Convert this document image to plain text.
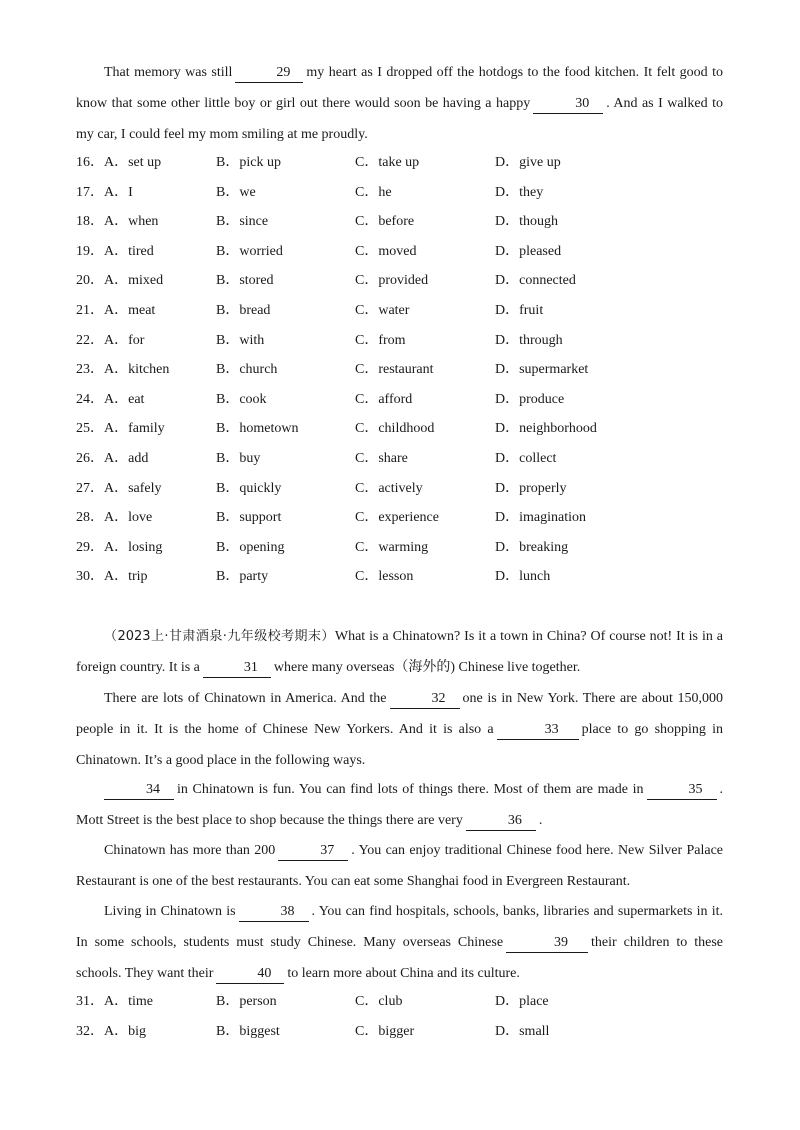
That memory was still	29 my heart as I dropped off the hotdogs to the food kitchen. It felt good to know that some other little boy or girl out there would soon be having a happy	30 . And as I walked to my car, I could feel my mom smiling at me proudly.

16． A．set up	B．pick up	C．take up	D．give up
17． A．I	B．we	C．he	D．they
18． A．when	B．since	C．before	D．though
19． A．tired	B．worried	C．moved	D．pleased
20． A．mixed	B．stored	C．provided	D．connected
21． A．meat	B．bread	C．water	D．fruit
22． A．for	B．with	C．from	D．through
23． A．kitchen	B．church	C．restaurant	D．supermarket
24． A．eat	B．cook	C．afford	D．produce
25． A．family	B．hometown	C．childhood	D．neighborhood
26． A．add	B．buy	C．share	D．collect
27． A．safely	B．quickly	C．actively	D．properly
28． A．love	B．support	C．experience	D．imagination
29． A．losing	B．opening	C．warming	D．breaking
30． A．trip	B．party	C．lesson	D．lunch

（2023上·甘肃酒泉·九年级校考期末）What is a Chinatown? Is it a town in China? Of course not! It is in a foreign country. It is a	31 where many overseas（海外的) Chinese live together.

There are lots of Chinatown in America. And the	32 one is in New York. There are about 150,000 people in it. It is the home of Chinese New Yorkers. And it is also a	33 place to go shopping in Chinatown. It’s a good place in the following ways.

34 in Chinatown is fun. You can find lots of things there. Most of them are made in	35 . Mott Street is the best place to shop because the things there are very	36 .

Chinatown has more than 200	37 . You can enjoy traditional Chinese food here. New Silver Palace Restaurant is one of the best restaurants. You can eat some Shanghai food in Evergreen Restaurant.

Living in Chinatown is	38 . You can find hospitals, schools, banks, libraries and supermarkets in it. In some schools, students must study Chinese. Many overseas Chinese	39 their children to these schools. They want their	40 to learn more about China and its culture.

31． A．time	B．person	C．club	D．place
32． A．big	B．biggest	C．bigger	D．small
